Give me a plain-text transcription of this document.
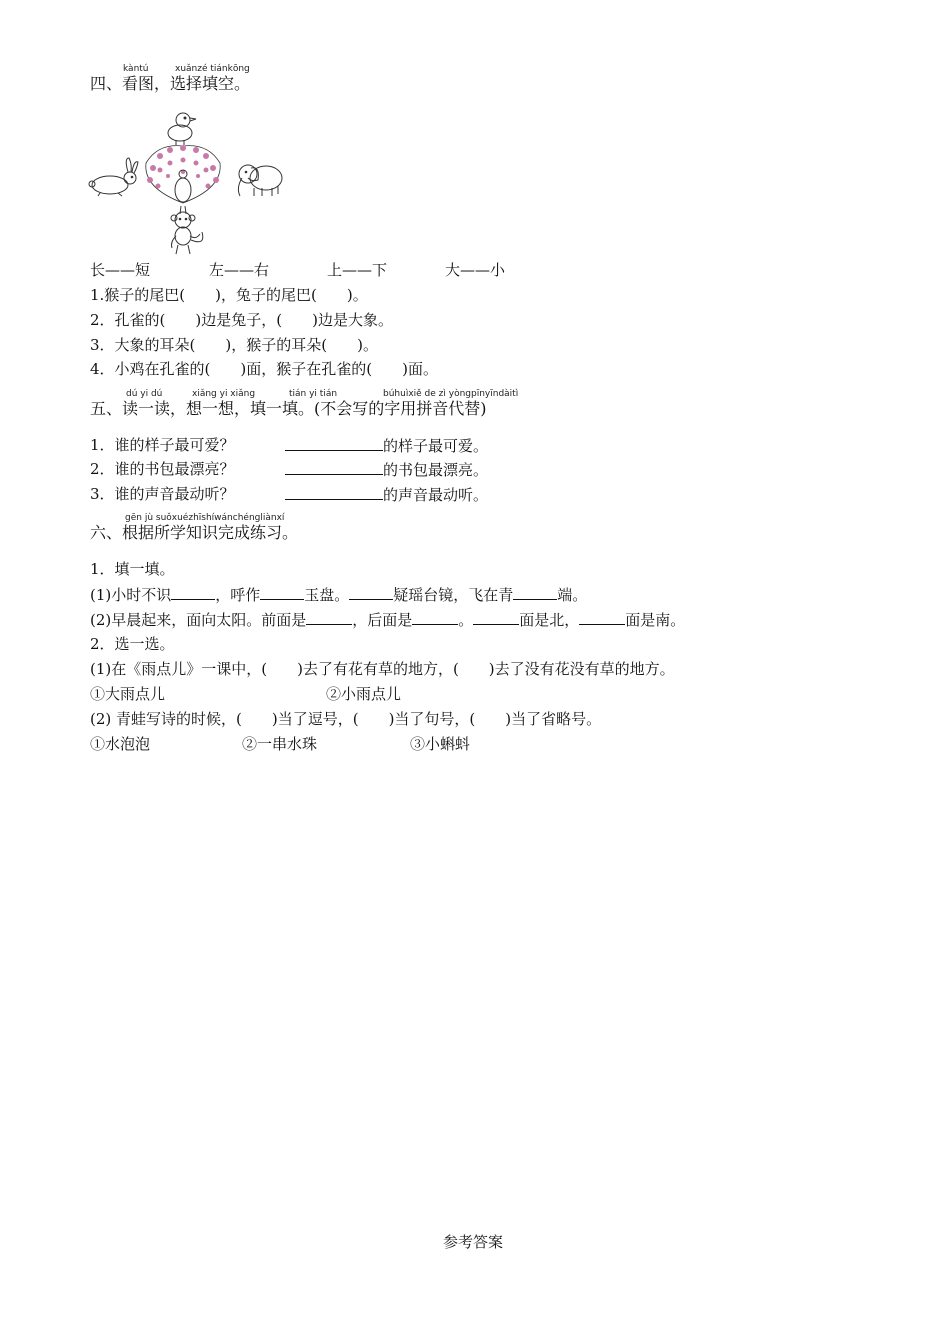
kàntú	xuǎnzé tiánkōng
四、看图，选择填空。
长——短	左——右	上——下	大——小
1.猴子的尾巴(　　)，兔子的尾巴(　　)。
2．孔雀的(　　)边是兔子，(　　)边是大象。
3．大象的耳朵(　　)，猴子的耳朵(　　)。
4．小鸡在孔雀的(　　)面，猴子在孔雀的(　　)面。
dú yi dú	xiǎng yi xiǎng	tián yi tián	búhuìxiě de zì yòngpīnyīndàitì
五、读一读，想一想，填一填。(不会写的字用拼音代替)
1．谁的样子最可爱？	的样子最可爱。
2．谁的书包最漂亮？	的书包最漂亮。
3．谁的声音最动听？	的声音最动听。
gēn jù suǒxuézhīshíwánchéngliànxí
六、根据所学知识完成练习。
1．填一填。
(1)小时不识	，呼作	玉盘。	疑瑶台镜，飞在青	端。
(2)早晨起来，面向太阳。前面是	，后面是	。	面是北，	面是南。
2．选一选。
(1)在《雨点儿》一课中，(　　)去了有花有草的地方，(　　)去了没有花没有草的地方。
①大雨点儿	②小雨点儿
(2) 青蛙写诗的时候，(　　)当了逗号，(　　)当了句号，(　　)当了省略号。
①水泡泡	②一串水珠	③小蝌蚪
参考答案
